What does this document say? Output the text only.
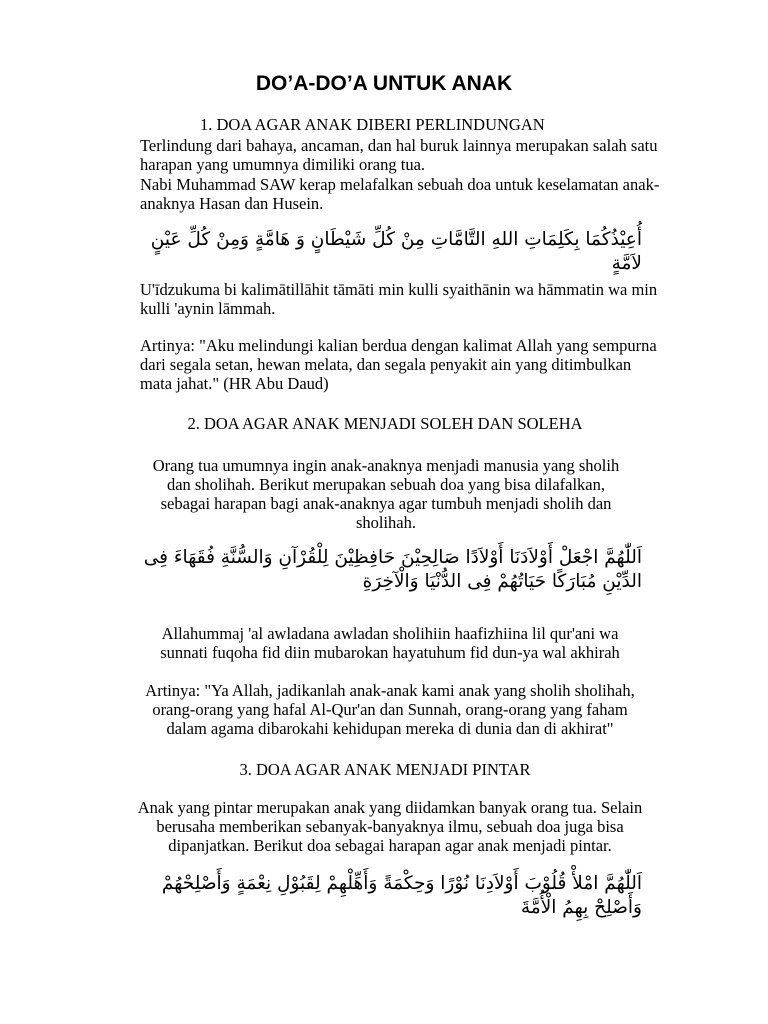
DO’A-DO’A UNTUK ANAK

1. DOA AGAR ANAK DIBERI PERLINDUNGAN

Terlindung dari bahaya, ancaman, dan hal buruk lainnya merupakan salah satu harapan yang umumnya dimiliki orang tua.

Nabi Muhammad SAW kerap melafalkan sebuah doa untuk keselamatan anak-anaknya Hasan dan Husein.

أُعِيْذُكُمَا بِكَلِمَاتِ اللهِ التَّامَّاتِ مِنْ كُلِّ شَيْطَانٍ وَ هَامَّةٍ وَمِنْ كُلِّ عَيْنٍ لاَمَّةٍ

U'īdzukuma bi kalimātillāhit tāmāti min kulli syaithānin wa hāmmatin wa min kulli 'aynin lāmmah.

Artinya: "Aku melindungi kalian berdua dengan kalimat Allah yang sempurna dari segala setan, hewan melata, dan segala penyakit ain yang ditimbulkan mata jahat." (HR Abu Daud)

2. DOA AGAR ANAK MENJADI SOLEH DAN SOLEHA

Orang tua umumnya ingin anak-anaknya menjadi manusia yang sholih dan sholihah. Berikut merupakan sebuah doa yang bisa dilafalkan, sebagai harapan bagi anak-anaknya agar tumbuh menjadi sholih dan sholihah.

اَللّٰهُمَّ اجْعَلْ أَوْلاَدَنَا أَوْلاَدًا صَالِحِيْنَ حَافِظِيْنَ لِلْقُرْآنِ وَالسُّنَّةِ فُقَهَاءَ فِى الدِّيْنِ مُبَارَكًا حَيَاتُهُمْ فِى الدُّنْيَا وَالْآخِرَةِ

Allahummaj 'al awladana awladan sholihiin haafizhiina lil qur'ani wa sunnati fuqoha fid diin mubarokan hayatuhum fid dun-ya wal akhirah

Artinya: "Ya Allah, jadikanlah anak-anak kami anak yang sholih sholihah, orang-orang yang hafal Al-Qur'an dan Sunnah, orang-orang yang faham dalam agama dibarokahi kehidupan mereka di dunia dan di akhirat"

3. DOA AGAR ANAK MENJADI PINTAR

Anak yang pintar merupakan anak yang diidamkan banyak orang tua. Selain berusaha memberikan sebanyak-banyaknya ilmu, sebuah doa juga bisa dipanjatkan. Berikut doa sebagai harapan agar anak menjadi pintar.

اَللّٰهُمَّ امْلأْ قُلُوْبَ أَوْلاَدِنَا نُوْرًا وَحِكْمَةً وَأَهِّلْهِمْ لِقَبُوْلِ نِعْمَةٍ وَأَصْلِحْهُمْ وَأَصْلِحْ بِهِمُ الْأُمَّةَ
